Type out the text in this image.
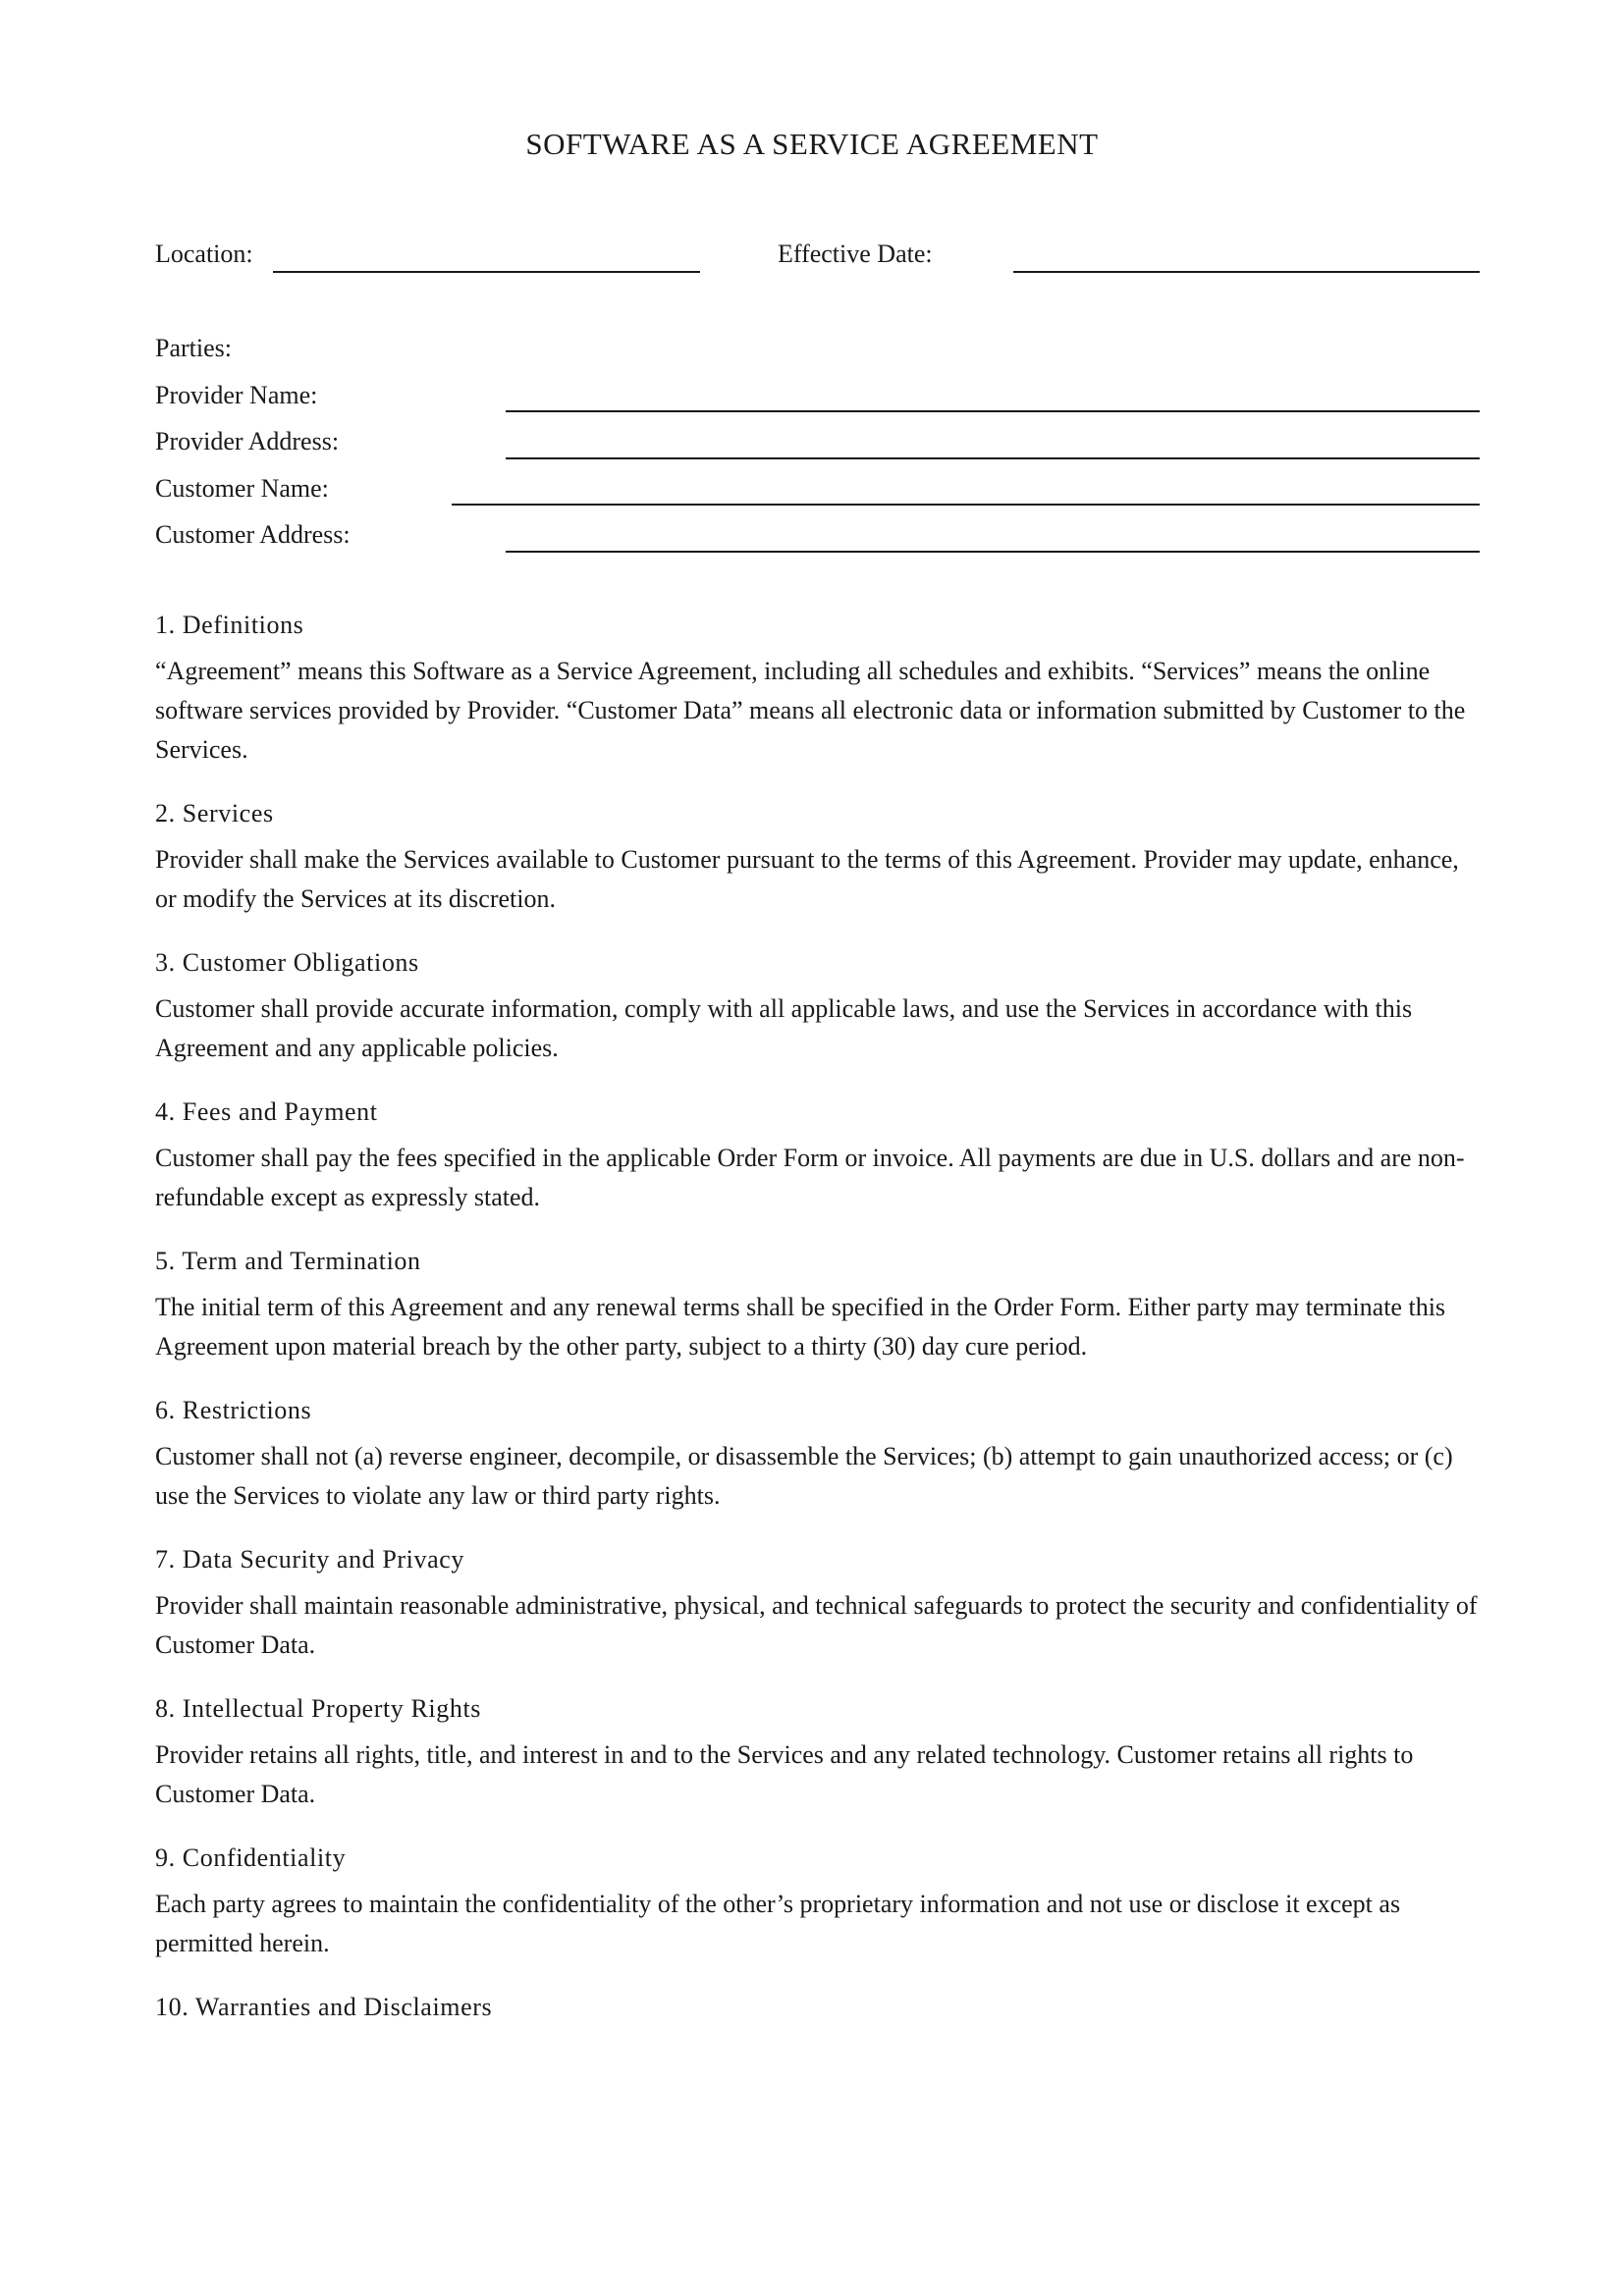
SOFTWARE AS A SERVICE AGREEMENT
Location:	Effective Date:
Parties:
Provider Name:
Provider Address:
Customer Name:
Customer Address:
1. Definitions

“Agreement” means this Software as a Service Agreement, including all schedules and exhibits. “Services” means the online software services provided by Provider. “Customer Data” means all electronic data or information submitted by Customer to the Services.

2. Services

Provider shall make the Services available to Customer pursuant to the terms of this Agreement. Provider may update, enhance, or modify the Services at its discretion.

3. Customer Obligations

Customer shall provide accurate information, comply with all applicable laws, and use the Services in accordance with this Agreement and any applicable policies.

4. Fees and Payment

Customer shall pay the fees specified in the applicable Order Form or invoice. All payments are due in U.S. dollars and are non-refundable except as expressly stated.

5. Term and Termination

The initial term of this Agreement and any renewal terms shall be specified in the Order Form. Either party may terminate this Agreement upon material breach by the other party, subject to a thirty (30) day cure period.

6. Restrictions

Customer shall not (a) reverse engineer, decompile, or disassemble the Services; (b) attempt to gain unauthorized access; or (c) use the Services to violate any law or third party rights.

7. Data Security and Privacy

Provider shall maintain reasonable administrative, physical, and technical safeguards to protect the security and confidentiality of Customer Data.

8. Intellectual Property Rights

Provider retains all rights, title, and interest in and to the Services and any related technology. Customer retains all rights to Customer Data.

9. Confidentiality

Each party agrees to maintain the confidentiality of the other’s proprietary information and not use or disclose it except as permitted herein.

10. Warranties and Disclaimers
